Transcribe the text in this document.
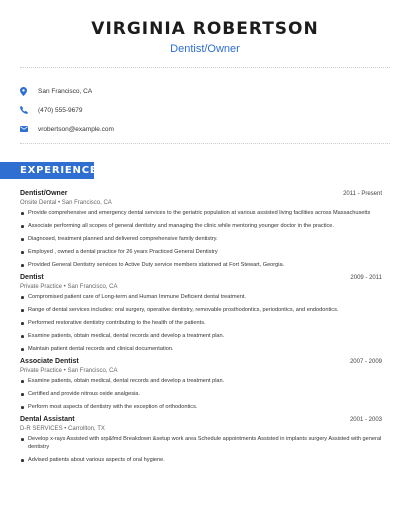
VIRGINIA ROBERTSON
Dentist/Owner
San Francisco, CA
(470) 555-9679
vrobertson@example.com
EXPERIENCE
Dentist/Owner	2011 - Present
Onsite Dental • San Francisco, CA
Provide comprehensive and emergency dental services to the geriatric population at various assisted living facilities across Massachusetts
Associate performing all scopes of general dentistry and managing the clinic while mentoring younger doctor in the practice.
Diagnosed, treatment planned and delivered comprehensive family dentistry.
Employed , owned a dental practice for 26 years Practiced General Dentistry
Provided General Dentistry services to Active Duty service members stationed at Fort Stewart, Georgia.
Dentist	2009 - 2011
Private Practice • San Francisco, CA
Compromised patient care of Long-term and Human Immune Deficient dental treatment.
Range of dental services includes: oral surgery, operative dentistry, removable prosthodontics, periodontics, and endodontics.
Performed restorative dentistry contributing to the health of the patients.
Examine patients, obtain medical, dental records and develop a treatment plan.
Maintain patient dental records and clinical documentation.
Associate Dentist	2007 - 2009
Private Practice • San Francisco, CA
Examine patients, obtain medical, dental records and develop a treatment plan.
Certified and provide nitrous oxide analgesia.
Perform most aspects of dentistry with the exception of orthodontics.
Dental Assistant	2001 - 2003
D-R SERVICES • Carrollton, TX
Develop x-rays Assisted with srp&fmd Breakdown &setup work area Schedule appointments Assisted in implants surgery Assisted with general dentistry
Advised patients about various aspects of oral hygiene.
